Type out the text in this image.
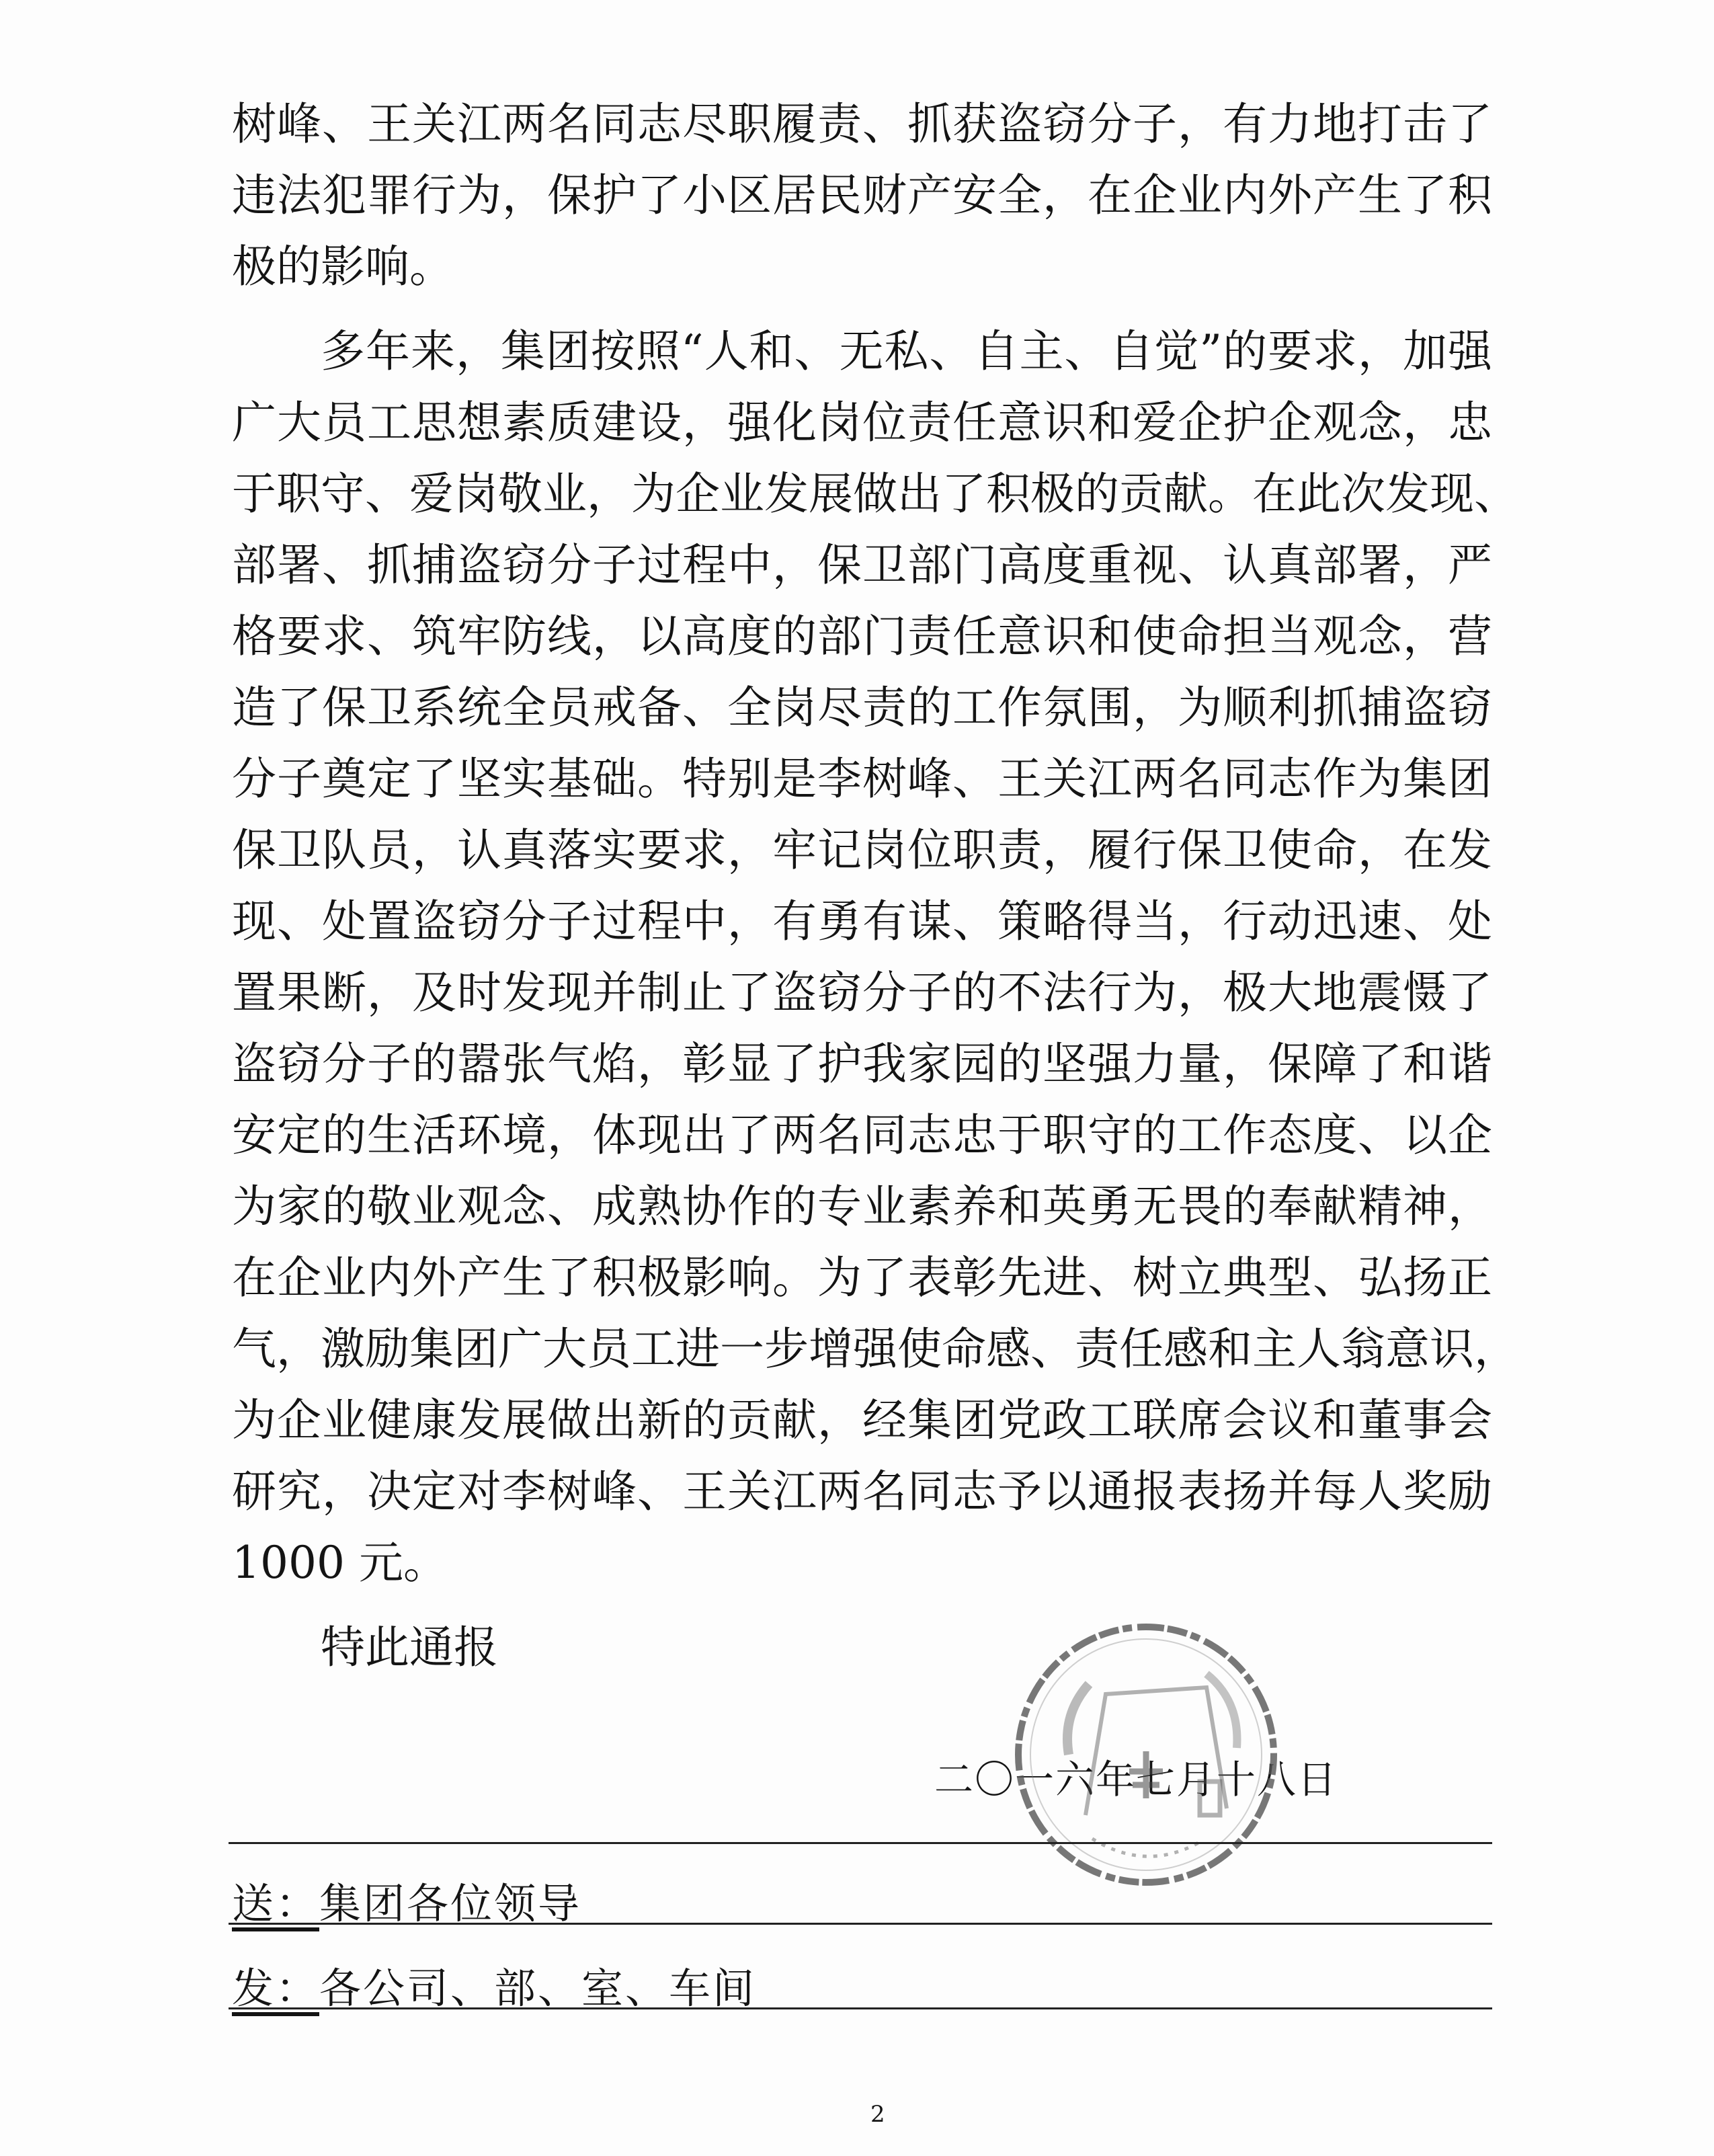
树峰、王关江两名同志尽职履责、抓获盗窃分子，有力地打击了
违法犯罪行为，保护了小区居民财产安全，在企业内外产生了积
极的影响。
多年来，集团按照“人和、无私、自主、自觉”的要求，加强
广大员工思想素质建设，强化岗位责任意识和爱企护企观念，忠
于职守、爱岗敬业，为企业发展做出了积极的贡献。在此次发现、
部署、抓捕盗窃分子过程中，保卫部门高度重视、认真部署，严
格要求、筑牢防线，以高度的部门责任意识和使命担当观念，营
造了保卫系统全员戒备、全岗尽责的工作氛围，为顺利抓捕盗窃
分子奠定了坚实基础。特别是李树峰、王关江两名同志作为集团
保卫队员，认真落实要求，牢记岗位职责，履行保卫使命，在发
现、处置盗窃分子过程中，有勇有谋、策略得当，行动迅速、处
置果断，及时发现并制止了盗窃分子的不法行为，极大地震慑了
盗窃分子的嚣张气焰，彰显了护我家园的坚强力量，保障了和谐
安定的生活环境，体现出了两名同志忠于职守的工作态度、以企
为家的敬业观念、成熟协作的专业素养和英勇无畏的奉献精神，
在企业内外产生了积极影响。为了表彰先进、树立典型、弘扬正
气，激励集团广大员工进一步增强使命感、责任感和主人翁意识，
为企业健康发展做出新的贡献，经集团党政工联席会议和董事会
研究，决定对李树峰、王关江两名同志予以通报表扬并每人奖励
1000 元。
特此通报
二〇一六年七月十八日
送：集团各位领导
发：各公司、部、室、车间
2
